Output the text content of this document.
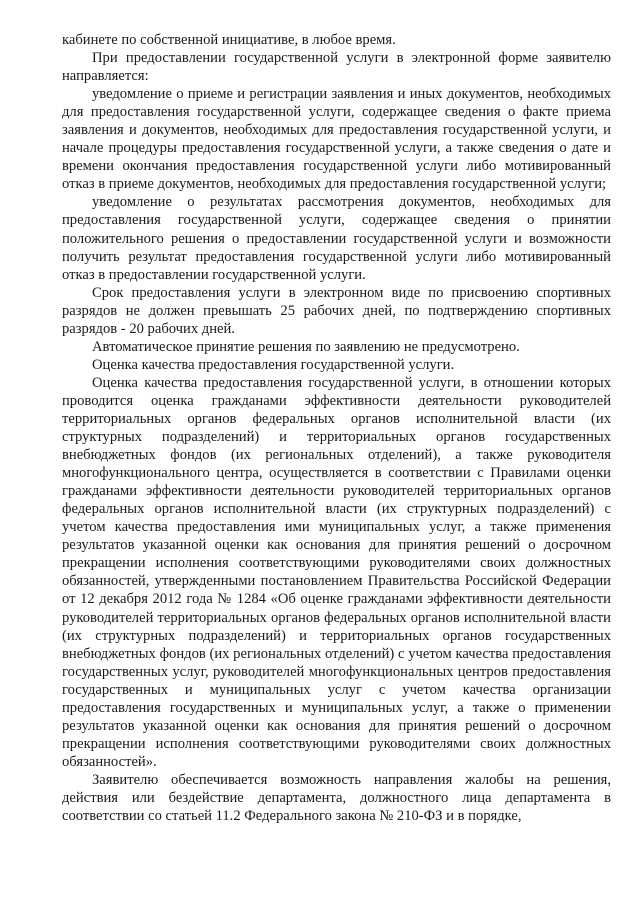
кабинете по собственной инициативе, в любое время.

При предоставлении государственной услуги в электронной форме заявителю направляется:

уведомление о приеме и регистрации заявления и иных документов, необходимых для предоставления государственной услуги, содержащее сведения о факте приема заявления и документов, необходимых для предоставления государственной услуги, и начале процедуры предоставления государственной услуги, а также сведения о дате и времени окончания предоставления государственной услуги либо мотивированный отказ в приеме документов, необходимых для предоставления государственной услуги;

уведомление о результатах рассмотрения документов, необходимых для предоставления государственной услуги, содержащее сведения о принятии положительного решения о предоставлении государственной услуги и возможности получить результат предоставления государственной услуги либо мотивированный отказ в предоставлении государственной услуги.

Срок предоставления услуги в электронном виде по присвоению спортивных разрядов не должен превышать 25 рабочих дней, по подтверждению спортивных разрядов - 20 рабочих дней.

Автоматическое принятие решения по заявлению не предусмотрено.

Оценка качества предоставления государственной услуги.

Оценка качества предоставления государственной услуги, в отношении которых проводится оценка гражданами эффективности деятельности руководителей территориальных органов федеральных органов исполнительной власти (их структурных подразделений) и территориальных органов государственных внебюджетных фондов (их региональных отделений), а также руководителя многофункционального центра, осуществляется в соответствии с Правилами оценки гражданами эффективности деятельности руководителей территориальных органов федеральных органов исполнительной власти (их структурных подразделений) с учетом качества предоставления ими муниципальных услуг, а также применения результатов указанной оценки как основания для принятия решений о досрочном прекращении исполнения соответствующими руководителями своих должностных обязанностей, утвержденными постановлением Правительства Российской Федерации от 12 декабря 2012 года № 1284 «Об оценке гражданами эффективности деятельности руководителей территориальных органов федеральных органов исполнительной власти (их структурных подразделений) и территориальных органов государственных внебюджетных фондов (их региональных отделений) с учетом качества предоставления государственных услуг, руководителей многофункциональных центров предоставления государственных и муниципальных услуг с учетом качества организации предоставления государственных и муниципальных услуг, а также о применении результатов указанной оценки как основания для принятия решений о досрочном прекращении исполнения соответствующими руководителями своих должностных обязанностей».

Заявителю обеспечивается возможность направления жалобы на решения, действия или бездействие департамента, должностного лица департамента в соответствии со статьей 11.2 Федерального закона № 210-ФЗ и в порядке,
